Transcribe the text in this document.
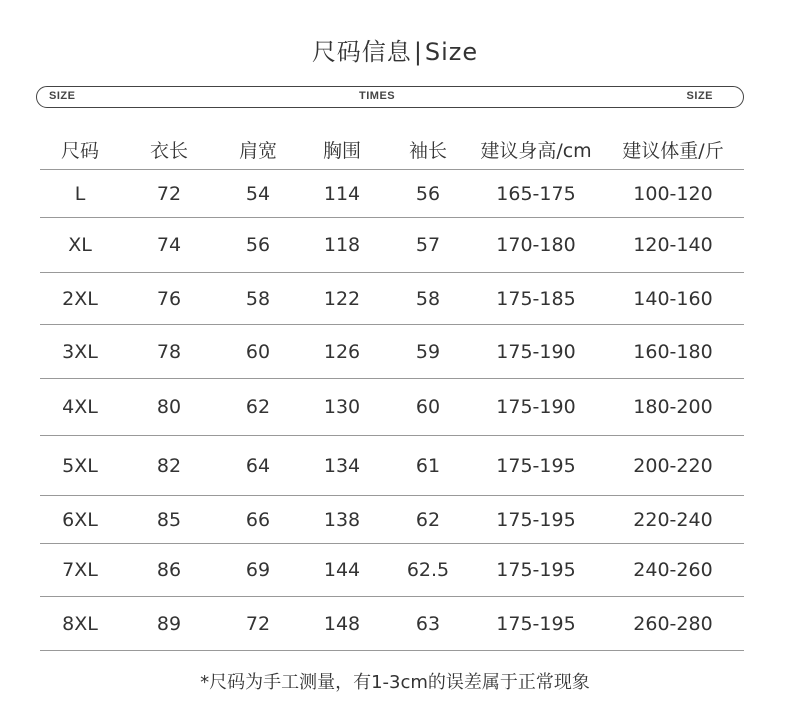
尺码信息|Size
SIZE	TIMES	SIZE
尺码	衣长	肩宽	胸围	袖长	建议身高/cm	建议体重/斤
L	72	54	114	56	165-175	100-120
XL	74	56	118	57	170-180	120-140
2XL	76	58	122	58	175-185	140-160
3XL	78	60	126	59	175-190	160-180
4XL	80	62	130	60	175-190	180-200
5XL	82	64	134	61	175-195	200-220
6XL	85	66	138	62	175-195	220-240
7XL	86	69	144	62.5	175-195	240-260
8XL	89	72	148	63	175-195	260-280
*尺码为手工测量，有1-3cm的误差属于正常现象
